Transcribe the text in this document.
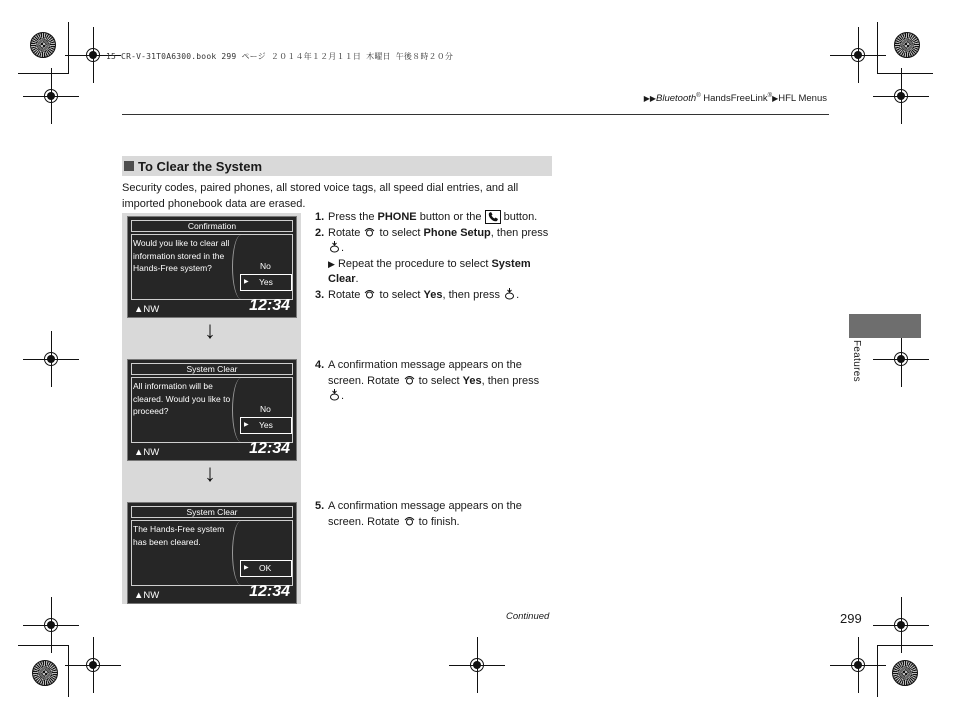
15 CR-V-31T0A6300.book 299 ページ ２０１４年１２月１１日 木曜日 午後８時２０分
▶▶Bluetooth® HandsFreeLink®▶HFL Menus
Features
To Clear the System
Security codes, paired phones, all stored voice tags, all speed dial entries, and all imported phonebook data are erased.
Confirmation
Would you like to clear all information stored in the Hands-Free system?	No
▶ Yes
▲NW	12:34
↓
System Clear
All information will be cleared. Would you like to proceed?	No
▶ Yes
▲NW	12:34
↓
System Clear
The Hands-Free system has been cleared.
▶ OK
▲NW	12:34
1. Press the PHONE button or the  button.
2. Rotate  to select Phone Setup, then press .
▶ Repeat the procedure to select System Clear.
3. Rotate  to select Yes, then press .
4. A confirmation message appears on the screen. Rotate  to select Yes, then press .
5. A confirmation message appears on the screen. Rotate  to finish.
Continued	299
